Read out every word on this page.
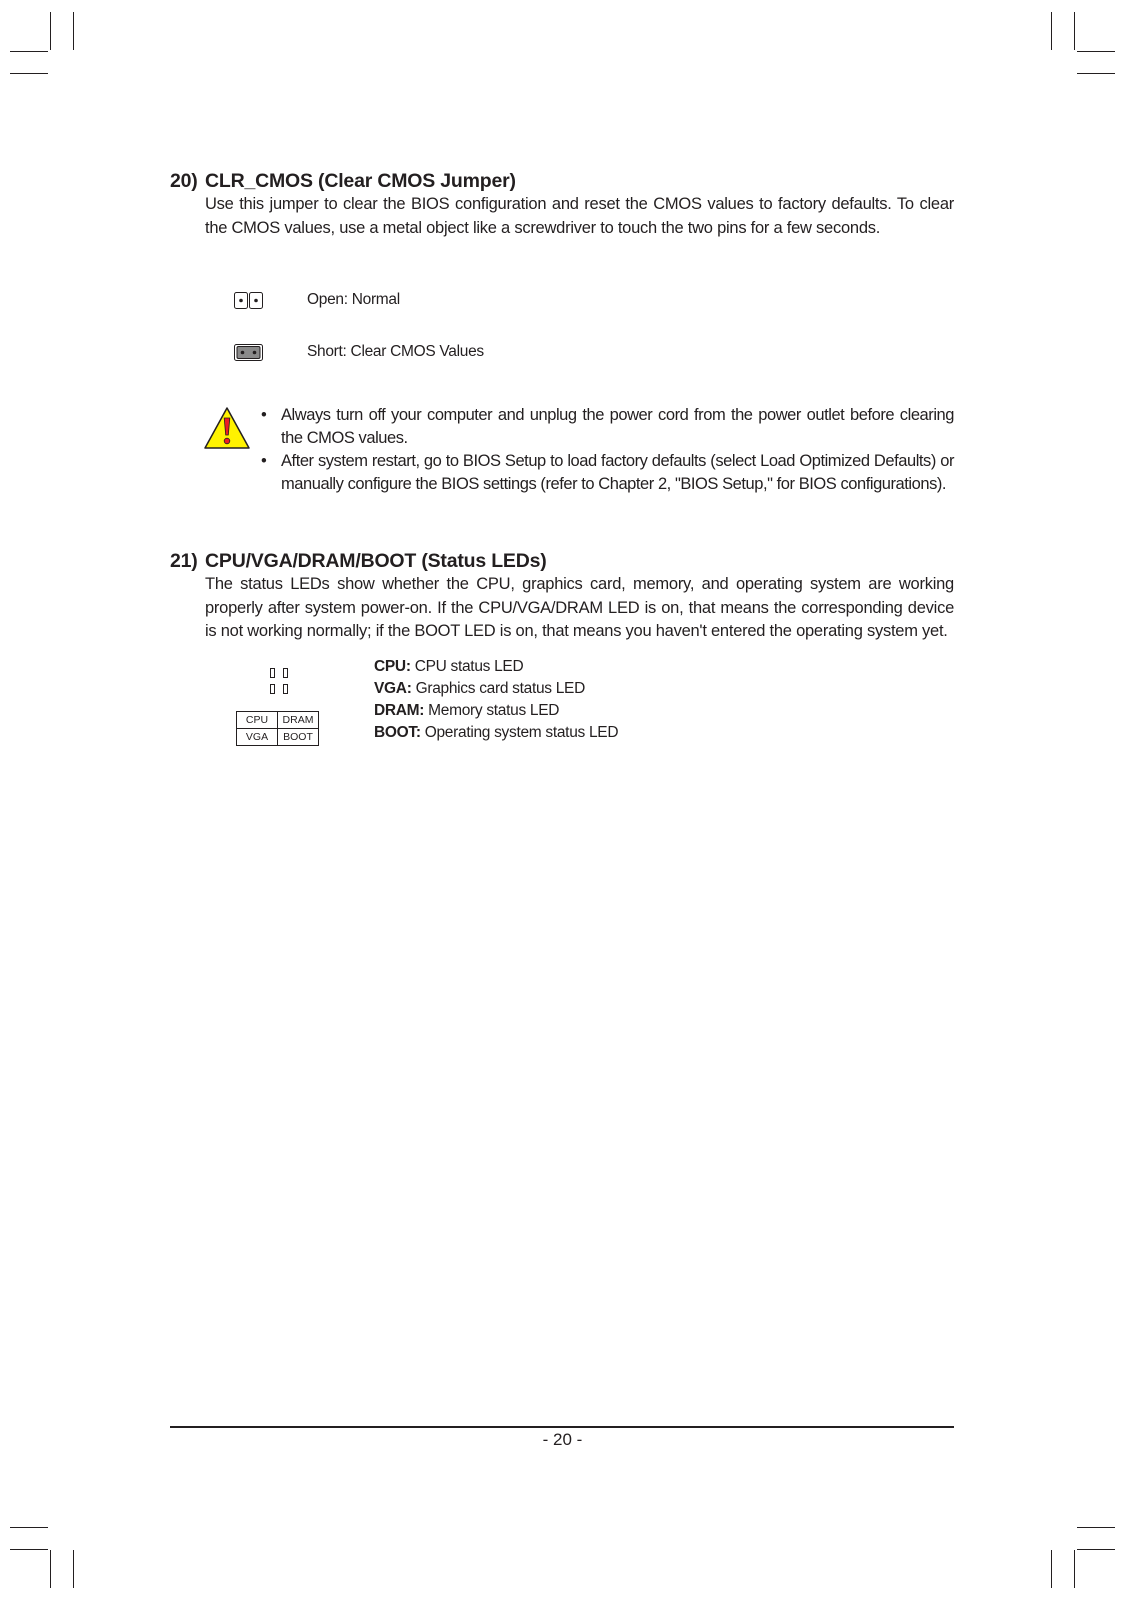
20) CLR_CMOS (Clear CMOS Jumper)
Use this jumper to clear the BIOS configuration and reset the CMOS values to factory defaults. To clear the CMOS values, use a metal object like a screwdriver to touch the two pins for a few seconds.
Open: Normal
Short: Clear CMOS Values
• Always turn off your computer and unplug the power cord from the power outlet before clearing the CMOS values.
• After system restart, go to BIOS Setup to load factory defaults (select Load Optimized Defaults) or manually configure the BIOS settings (refer to Chapter 2, "BIOS Setup," for BIOS configurations).
21) CPU/VGA/DRAM/BOOT (Status LEDs)
The status LEDs show whether the CPU, graphics card, memory, and operating system are working properly after system power-on. If the CPU/VGA/DRAM LED is on, that means the corresponding device is not working normally; if the BOOT LED is on, that means you haven't entered the operating system yet.
CPU	DRAM
VGA	BOOT
CPU: CPU status LED
VGA: Graphics card status LED
DRAM: Memory status LED
BOOT: Operating system status LED
- 20 -
